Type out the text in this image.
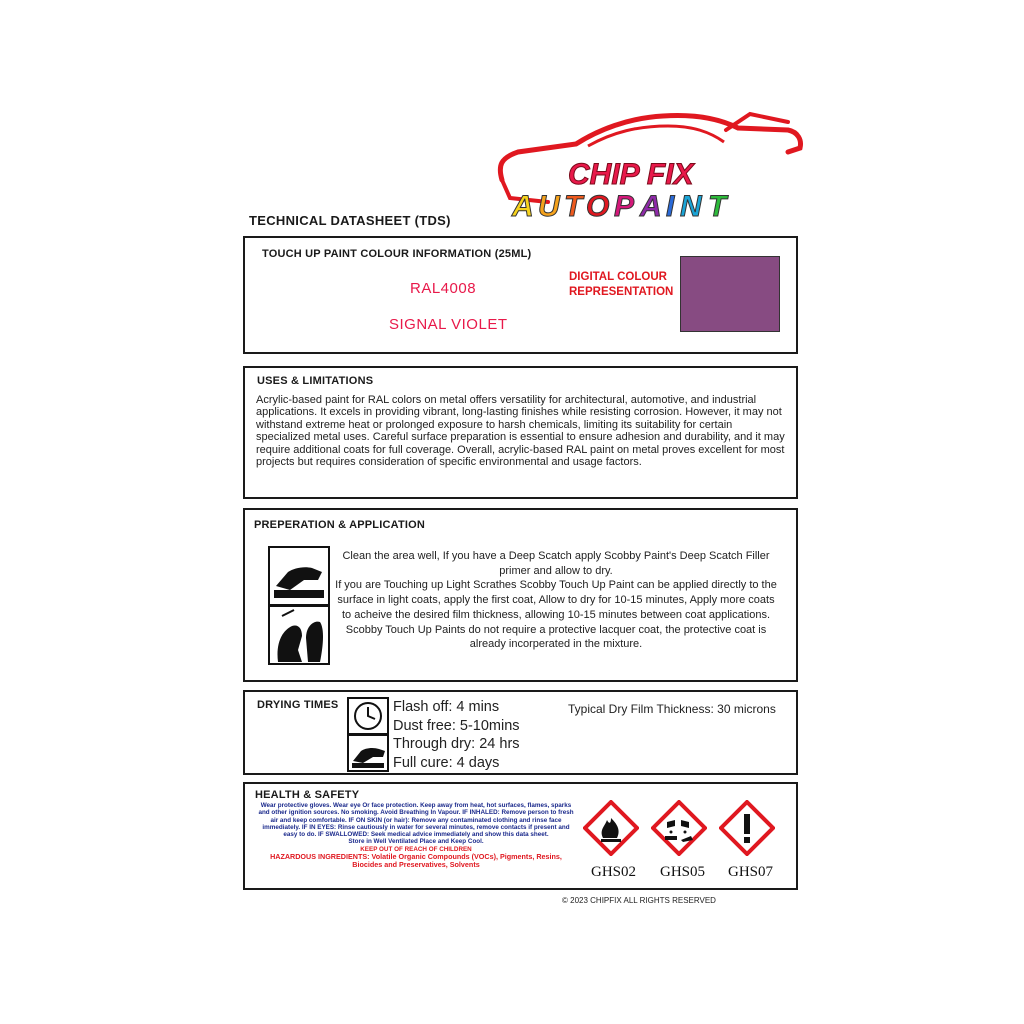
CHIP FIX
A U T O P A I N T
TECHNICAL DATASHEET (TDS)
TOUCH UP PAINT COLOUR INFORMATION (25ML)
RAL4008
SIGNAL VIOLET
DIGITAL COLOUR REPRESENTATION
USES & LIMITATIONS
Acrylic-based paint for RAL colors on metal offers versatility for architectural, automotive, and industrial applications. It excels in providing vibrant, long-lasting finishes while resisting corrosion. However, it may not withstand extreme heat or prolonged exposure to harsh chemicals, limiting its suitability for certain specialized metal uses. Careful surface preparation is essential to ensure adhesion and durability, and it may require additional coats for full coverage. Overall, acrylic-based RAL paint on metal proves excellent for most projects but requires consideration of specific environmental and usage factors.
PREPERATION & APPLICATION
Clean the area well, If you have a Deep Scatch apply Scobby Paint's Deep Scatch Filler primer and allow to dry.
If you are Touching up Light Scrathes Scobby Touch Up Paint can be applied directly to the surface in light coats, apply the first coat, Allow to dry for 10-15 minutes, Apply more coats to acheive the desired film thickness, allowing 10-15 minutes between coat applications. Scobby Touch Up Paints do not require a protective lacquer coat, the protective coat is already incorperated in the mixture.
DRYING TIMES	Flash off: 4 mins
Dust free: 5-10mins
Through dry: 24 hrs
Full cure: 4 days
Typical Dry Film Thickness: 30 microns
HEALTH & SAFETY
Wear protective gloves. Wear eye Or face protection. Keep away from heat, hot surfaces, flames, sparks and other ignition sources. No smoking. Avoid Breathing In Vapour. IF INHALED: Remove person to fresh air and keep comfortable. IF ON SKIN (or hair): Remove any contaminated clothing and rinse face immediately. IF IN EYES: Rinse cautiously in water for several minutes, remove contacts if present and easy to do. IF SWALLOWED: Seek medical advice immediately and show this data sheet.
Store in Well Ventilated Place and Keep Cool.
KEEP OUT OF REACH OF CHILDREN
HAZARDOUS INGREDIENTS: Volatile Organic Compounds (VOCs), Pigments, Resins, Biocides and Preservatives, Solvents	GHS02 GHS05 GHS07
© 2023 CHIPFIX ALL RIGHTS RESERVED
